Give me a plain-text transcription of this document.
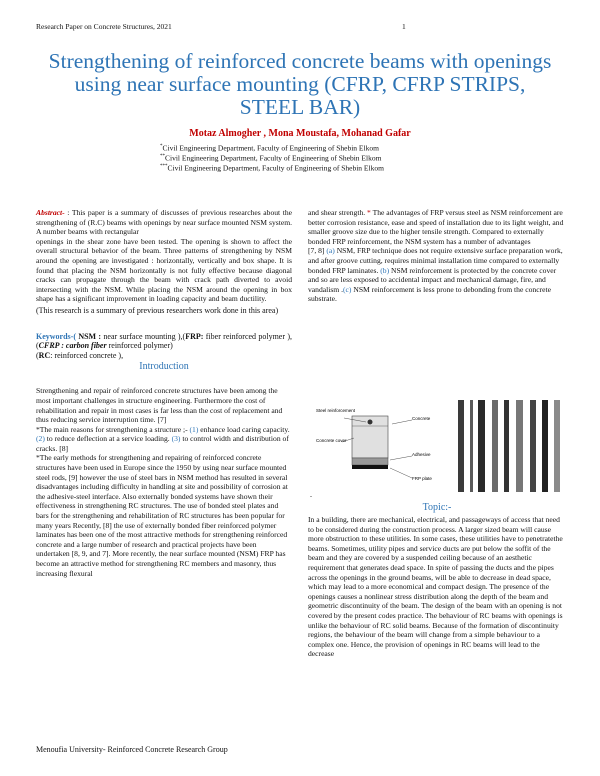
Research Paper on Concrete Structures, 2021	1
Strengthening of reinforced concrete beams with openings
using near surface mounting (CFRP, CFRP STRIPS,
STEEL BAR)
Motaz Almogher , Mona Moustafa, Mohanad Gafar
*Civil Engineering Department, Faculty of Engineering of Shebin Elkom
**Civil Engineering Department, Faculty of Engineering of Shebin Elkom
***Civil Engineering Department, Faculty of Engineering of Shebin Elkom

Abstract- : This paper is a summary of discusses of previous researches about the strengthening of (R.C) beams with openings by near surface mounted NSM system. A number beams with rectangular
openings in the shear zone have been tested. The opening is shown to affect the overall structural behavior of the beam. Three patterns of strengthening by NSM around the opening are investigated : horizontally, vertically and box shape. It is found that placing the NSM horizontally is not fully effective because diagonal cracks can propagate through the beam with crack path diverted to avoid intersecting with the NSM. While placing the NSM around the opening in box shape has a significant improvement in loading capacity and beam ductility.

(This research is a summary of previous researchers work done in this area)

Keywords-( NSM : near surface mounting ),(FRP: fiber reinforced polymer ), (CFRP : carbon fiber reinforced polymer)
(RC: reinforced concrete ),

Introduction

Strengthening and repair of reinforced concrete structures have been among the most important challenges in structure engineering. Furthermore the cost of rehabilitation and repair in most cases is far less than the cost of replacement and thus reducing service interruption time. [7]

*The main reasons for strengthening a structure ;- (1) enhance load caring capacity. (2) to reduce deflection at a service loading. (3) to control width and distribution of cracks. [8]

*The early methods for strengthening and repairing of reinforced concrete structures have been used in Europe since the 1950 by using near surface mounted steel rods, [9] however the use of steel bars in NSM method has resulted in several disadvantages including difficulty in handling at site and possibility of corrosion at the adhesive-steel interface. Also externally bonded systems have shown their effectiveness in strengthening RC structures. The use of bonded steel plates and bars for the strengthening and rehabilitation of RC structures has been popular for many years Recently, [8] the use of externally bonded fiber reinforced polymer laminates has been one of the most attractive methods for strengthening reinforced concrete and a large number of research and practical projects have been undertaken [8, 9, and 7]. More recently, the near surface mounted (NSM) FRP has become an attractive method for strengthening RC members and masonry, thus increasing flexural

and shear strength. * The advantages of FRP versus steel as NSM reinforcement are better corrosion resistance, ease and speed of installation due to its light weight, and smaller groove size due to the higher tensile strength. Compared to externally bonded FRP reinforcement, the NSM system has a number of advantages
[7, 8] (a) NSM, FRP technique does not require extensive surface preparation work, and after groove cutting, requires minimal installation time compared to externally bonded FRP laminates. (b) NSM reinforcement is protected by the concrete cover and so are less exposed to accidental impact and mechanical damage, fire, and vandalism .(c) NSM reinforcement is less prone to debonding from the concrete substrate.

Steel reinforcement
Concrete
Concrete cover
Adhesive
FRP plate
.

Topic:-

In a building, there are mechanical, electrical, and passageways of access that need to be considered during the construction process. A larger sized beam will cause more obstruction to these utilities. In some cases, these utilities have to penetratethe beams. Sometimes, utility pipes and service ducts are put below the soffit of the beam and they are covered by a suspended ceiling because of an aesthetic requirement that generates dead space. In spite of passing the ducts and the pipes across the openings in the ground beams, will be able to decrease in dead space, which may lead to a more economical and compact design. The presence of the openings causes a nonlinear stress distribution along the depth of the beam and geometric discontinuity of the beam. The design of the beam with an opening is not covered by the present codes practice. The behaviour of RC beams with openings is unlike the behaviour of RC solid beams. Because of the formation of discontinuity regions, the behaviour of the beam will change from a simple behaviour to a complex one. Hence, the provision of openings in RC beams will lead to the decrease

Menoufia University- Reinforced Concrete Research Group
